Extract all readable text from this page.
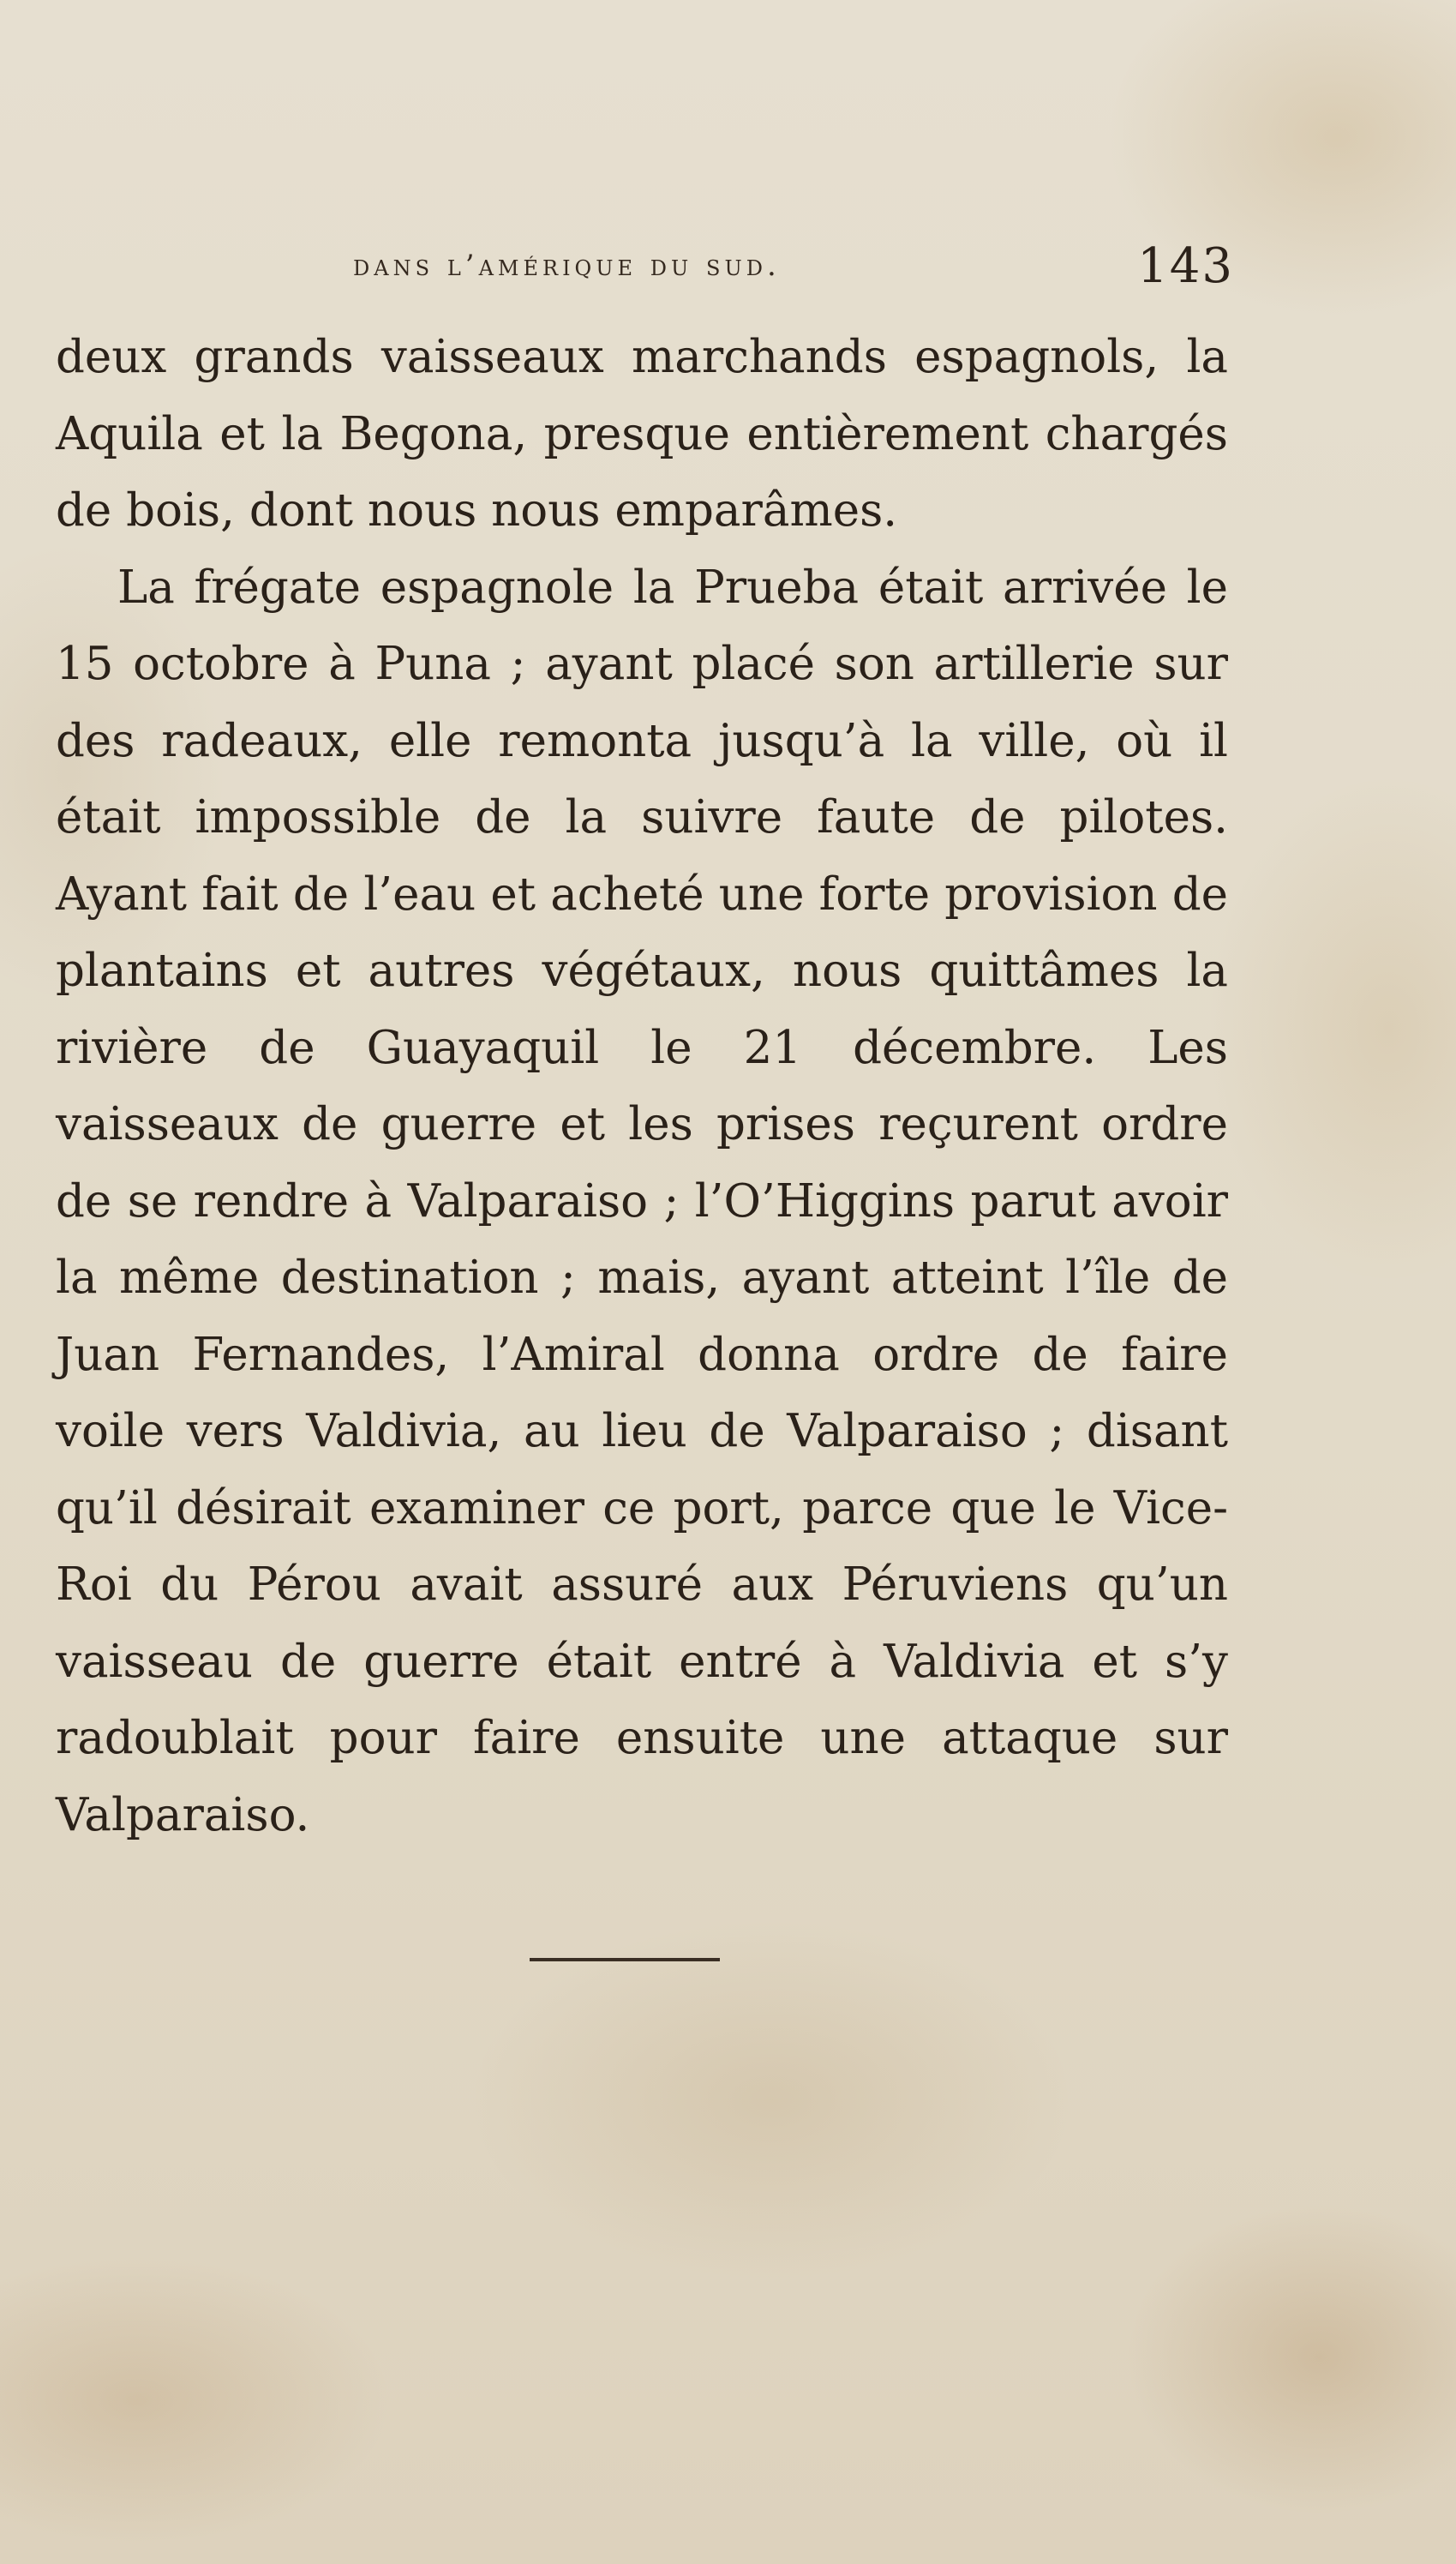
dans l’amérique du sud.	143

deux grands vaisseaux marchands espagnols, la Aquila et la Begona, presque entièrement chargés de bois, dont nous nous emparâmes.

La frégate espagnole la Prueba était arrivée le 15 octobre à Puna ; ayant placé son artillerie sur des radeaux, elle remonta jusqu’à la ville, où il était impossible de la suivre faute de pilotes. Ayant fait de l’eau et acheté une forte provision de plantains et autres végétaux, nous quittâmes la rivière de Guayaquil le 21 décembre. Les vaisseaux de guerre et les prises reçurent ordre de se rendre à Valparaiso ; l’O’Higgins parut avoir la même destination ; mais, ayant atteint l’île de Juan Fernandes, l’Amiral donna ordre de faire voile vers Valdivia, au lieu de Valparaiso ; disant qu’il désirait examiner ce port, parce que le Vice-Roi du Pérou avait assuré aux Péruviens qu’un vaisseau de guerre était entré à Valdivia et s’y radoublait pour faire ensuite une attaque sur Valparaiso.
